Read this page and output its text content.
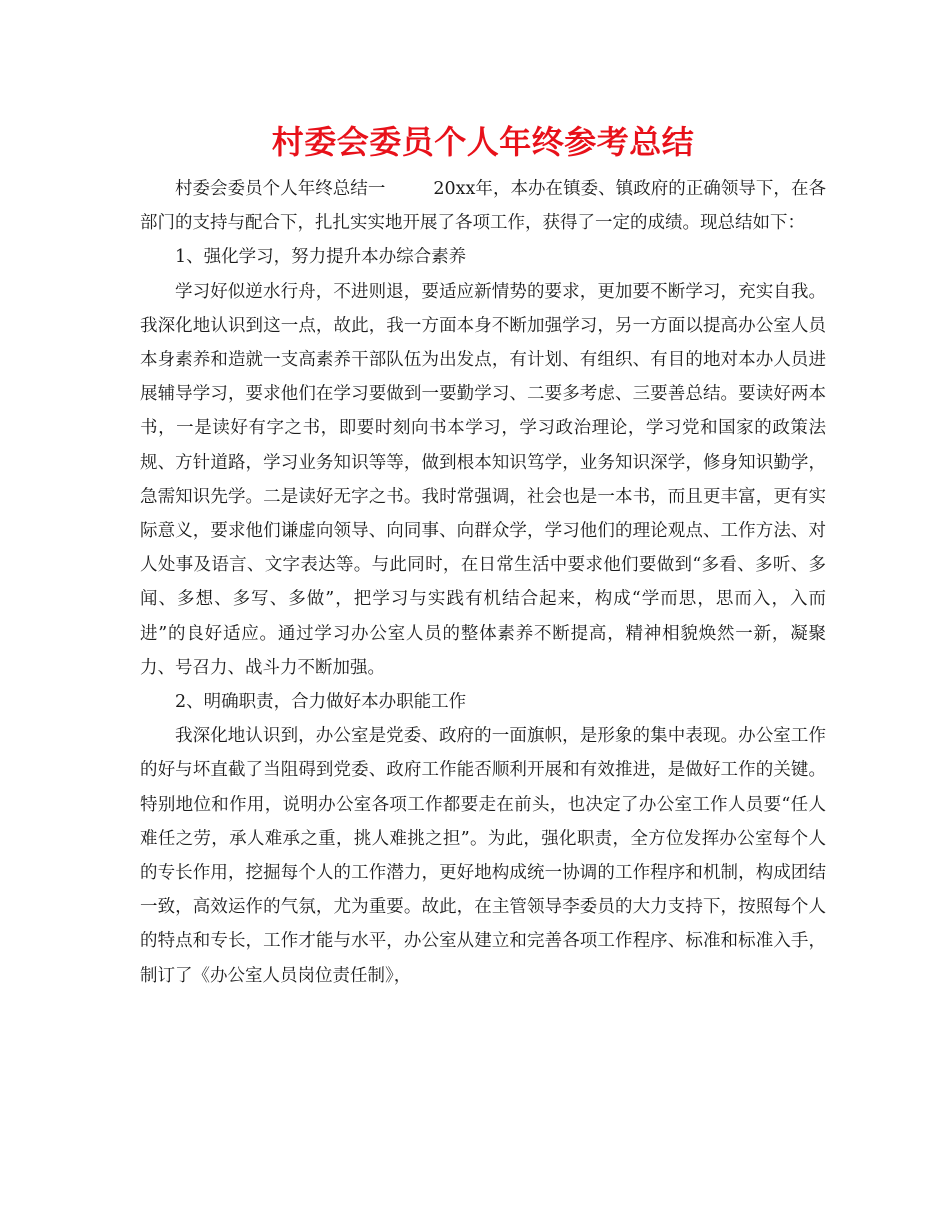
村委会委员个人年终参考总结

村委会委员个人年终总结一	20xx年，本办在镇委、镇政府的正确领导下，在各部门的支持与配合下，扎扎实实地开展了各项工作，获得了一定的成绩。现总结如下：

1、强化学习，努力提升本办综合素养

学习好似逆水行舟，不进则退，要适应新情势的要求，更加要不断学习，充实自我。我深化地认识到这一点，故此，我一方面本身不断加强学习，另一方面以提高办公室人员本身素养和造就一支高素养干部队伍为出发点，有计划、有组织、有目的地对本办人员进展辅导学习，要求他们在学习要做到一要勤学习、二要多考虑、三要善总结。要读好两本书，一是读好有字之书，即要时刻向书本学习，学习政治理论，学习党和国家的政策法规、方针道路，学习业务知识等等，做到根本知识笃学，业务知识深学，修身知识勤学，急需知识先学。二是读好无字之书。我时常强调，社会也是一本书，而且更丰富，更有实际意义，要求他们谦虚向领导、向同事、向群众学，学习他们的理论观点、工作方法、对人处事及语言、文字表达等。与此同时，在日常生活中要求他们要做到“多看、多听、多闻、多想、多写、多做”，把学习与实践有机结合起来，构成“学而思，思而入，入而进”的良好适应。通过学习办公室人员的整体素养不断提高，精神相貌焕然一新，凝聚力、号召力、战斗力不断加强。

2、明确职责，合力做好本办职能工作

我深化地认识到，办公室是党委、政府的一面旗帜，是形象的集中表现。办公室工作的好与坏直截了当阻碍到党委、政府工作能否顺利开展和有效推进，是做好工作的关键。特别地位和作用，说明办公室各项工作都要走在前头，也决定了办公室工作人员要“任人难任之劳，承人难承之重，挑人难挑之担”。为此，强化职责，全方位发挥办公室每个人的专长作用，挖掘每个人的工作潜力，更好地构成统一协调的工作程序和机制，构成团结一致，高效运作的气氛，尤为重要。故此，在主管领导李委员的大力支持下，按照每个人的特点和专长，工作才能与水平，办公室从建立和完善各项工作程序、标准和标准入手，制订了《办公室人员岗位责任制》，
